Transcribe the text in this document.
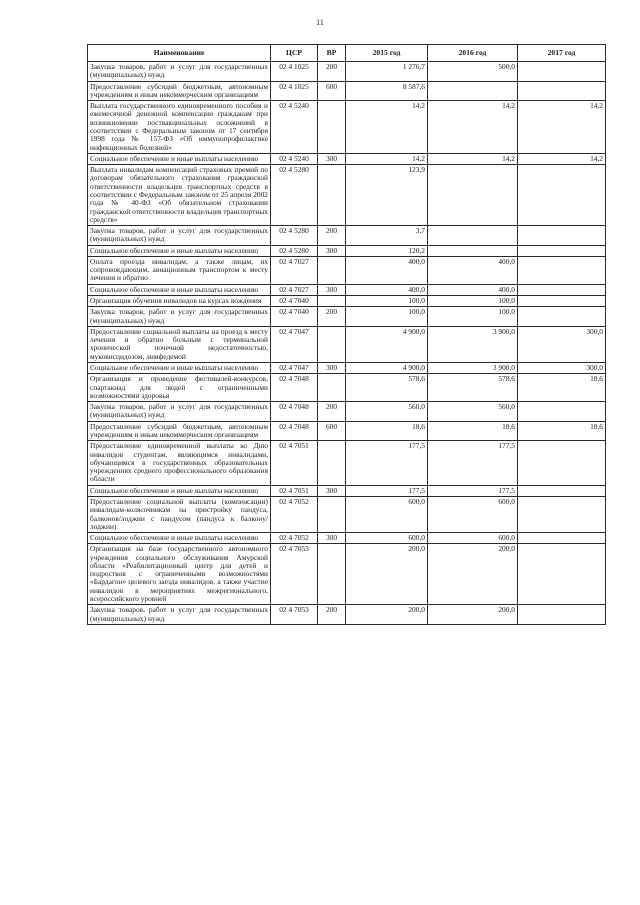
11
Наименование	ЦСР	ВР	2015 год	2016 год	2017 год
Закупка товаров, работ и услуг для государственных (муниципальных) нужд	02 4 1025	200	1 276,7	500,0	
Предоставление субсидий бюджетным, автономным учреждениям и иным некоммерческим организациям	02 4 1025	600	8 587,6		
Выплата государственного единовременного пособия и ежемесячной денежной компенсации гражданам при возникновении поствакцинальных осложнений в соответствии с Федеральным законом от 17 сентября 1998 года № 157-ФЗ «Об иммунопрофилактике инфекционных болезней»	02 4 5240		14,2	14,2	14,2
Социальное обеспечение и иные выплаты населению	02 4 5240	300	14,2	14,2	14,2
Выплата инвалидам компенсаций страховых премий по договорам обязательного страхования гражданской ответственности владельцев транспортных средств в соответствии с Федеральным законом от 25 апреля 2002 года № 40-ФЗ «Об обязательном страховании гражданской ответственности владельцев транспортных средств»	02 4 5280		123,9		
Закупка товаров, работ и услуг для государственных (муниципальных) нужд	02 4 5280	200	3,7		
Социальное обеспечение и иные выплаты населению	02 4 5280	300	120,2		
Оплата проезда инвалидам, а также лицам, их сопровождающим, авиационным транспортом к месту лечения и обратно	02 4 7027		400,0	400,0	
Социальное обеспечение и иные выплаты населению	02 4 7027	300	400,0	400,0	
Организация обучения инвалидов на курсах вождения	02 4 7040		100,0	100,0	
Закупка товаров, работ и услуг для государственных (муниципальных) нужд	02 4 7040	200	100,0	100,0	
Предоставление социальной выплаты на проезд к месту лечения и обратно больным с терминальной хронической почечной недостаточностью, муковисцидозом, лимфедемой	02 4 7047		4 900,0	3 900,0	300,0
Социальное обеспечение и иные выплаты населению	02 4 7047	300	4 900,0	3 900,0	300,0
Организация и проведение фестивалей-конкурсов, спартакиад для людей с ограниченными возможностями здоровья	02 4 7048		578,6	578,6	18,6
Закупка товаров, работ и услуг для государственных (муниципальных) нужд	02 4 7048	200	560,0	560,0	
Предоставление субсидий бюджетным, автономным учреждениям и иным некоммерческим организациям	02 4 7048	600	18,6	18,6	18,6
Предоставление единовременной выплаты ко Дню инвалидов студентам, являющимся инвалидами, обучающимся в государственных образовательных учреждениях среднего профессионального образования области	02 4 7051		177,5	177,5	
Социальное обеспечение и иные выплаты населению	02 4 7051	300	177,5	177,5	
Предоставление социальной выплаты (компенсации) инвалидам-колясочникам на пристройку пандуса, балконов/лоджии с пандусом (пандуса к балкону/лоджии)	02 4 7052		600,0	600,0	
Социальное обеспечение и иные выплаты населению	02 4 7052	300	600,0	600,0	
Организация на базе государственного автономного учреждения социального обслуживания Амурской области «Реабилитационный центр для детей и подростков с ограниченными возможностями «Бардагон» целевого заезда инвалидов, а также участие инвалидов в мероприятиях межрегионального, всероссийского уровней	02 4 7053		200,0	200,0	
Закупка товаров, работ и услуг для государственных (муниципальных) нужд	02 4 7053	200	200,0	200,0	
